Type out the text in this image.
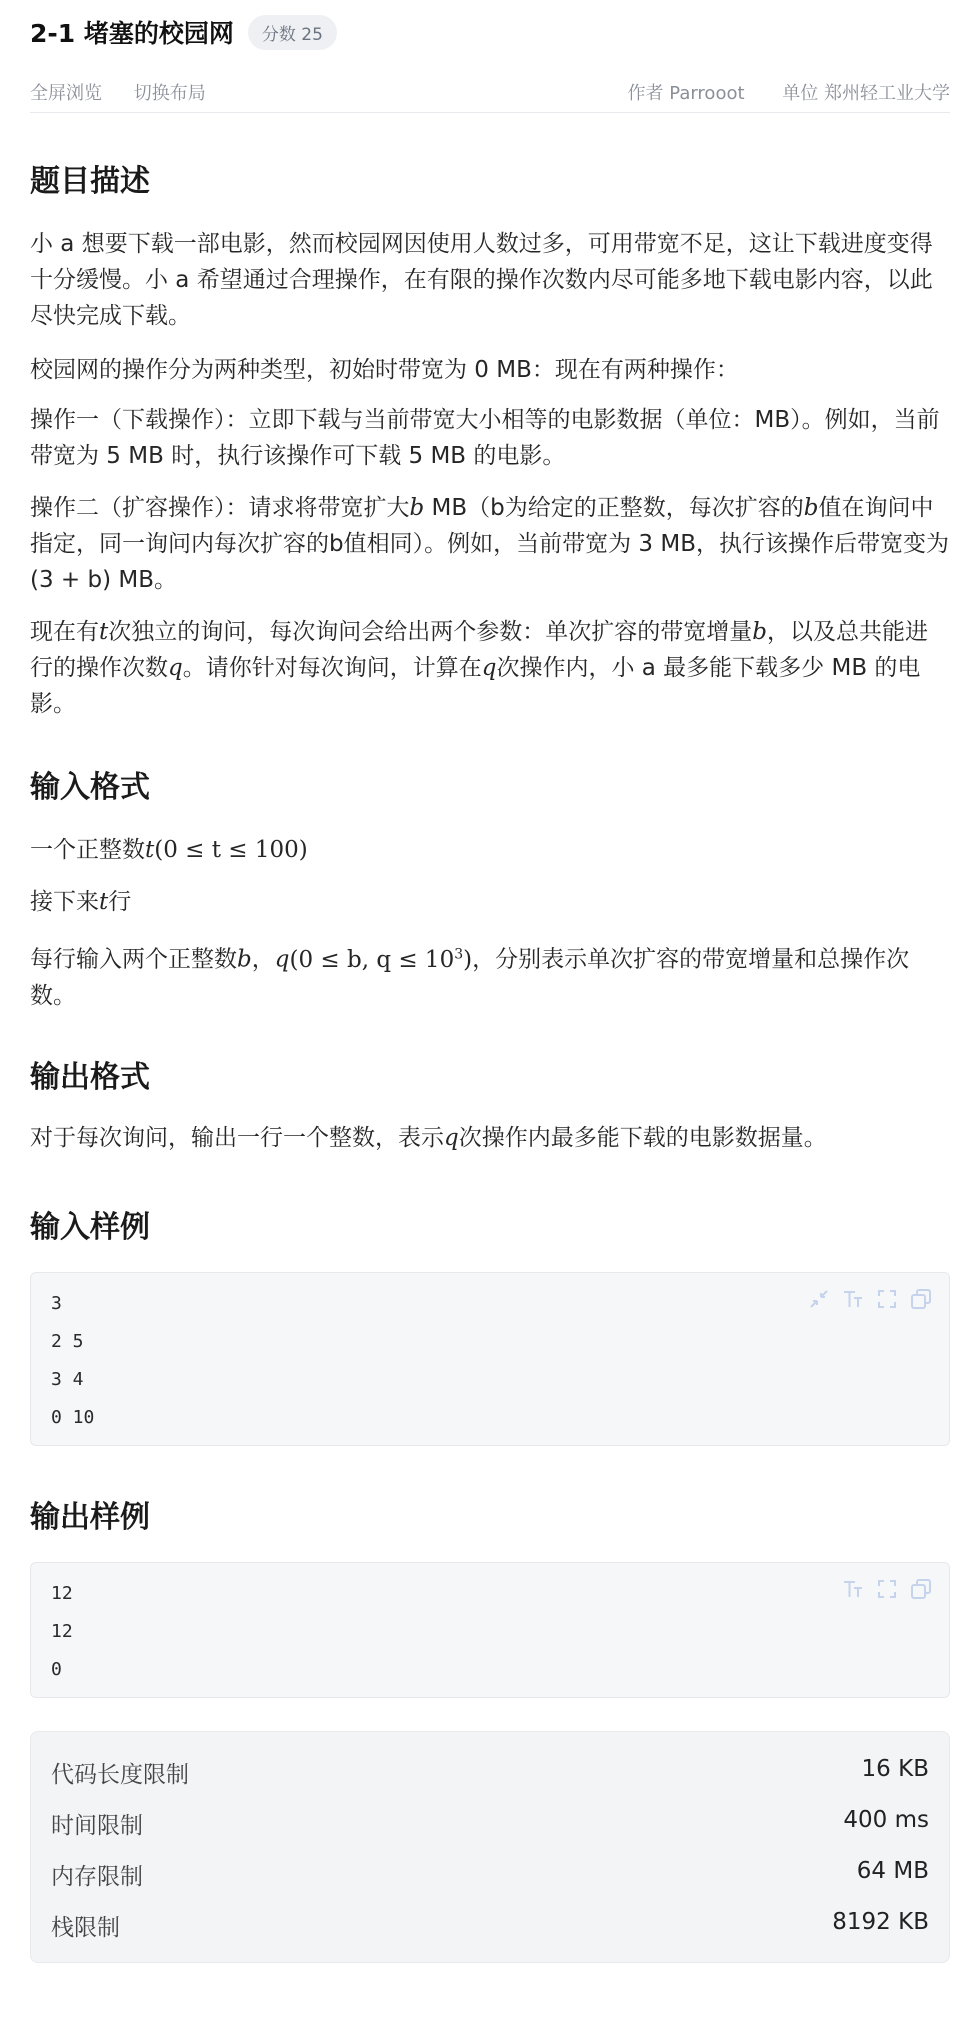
2-1 堵塞的校园网	分数 25
全屏浏览 切换布局	作者 Parrooot 单位 郑州轻工业大学
题目描述
小 a 想要下载一部电影，然而校园网因使用人数过多，可用带宽不足，这让下载进度变得十分缓慢。小 a 希望通过合理操作，在有限的操作次数内尽可能多地下载电影内容，以此尽快完成下载。
校园网的操作分为两种类型，初始时带宽为 0 MB：现在有两种操作：
操作一（下载操作）：立即下载与当前带宽大小相等的电影数据（单位：MB）。例如，当前带宽为 5 MB 时，执行该操作可下载 5 MB 的电影。
操作二（扩容操作）：请求将带宽扩大b MB（b为给定的正整数，每次扩容的b值在询问中指定，同一询问内每次扩容的b值相同）。例如，当前带宽为 3 MB，执行该操作后带宽变为(3 + b) MB。
现在有t次独立的询问，每次询问会给出两个参数：单次扩容的带宽增量b，以及总共能进行的操作次数q。请你针对每次询问，计算在q次操作内，小 a 最多能下载多少 MB 的电影。
输入格式
一个正整数t(0 ≤ t ≤ 100)
接下来t行
每行输入两个正整数b，q(0 ≤ b, $q \le 10^3$)，分别表示单次扩容的带宽增量和总操作次数。
输出格式
对于每次询问，输出一行一个整数，表示q次操作内最多能下载的电影数据量。
输入样例
3
2 5
3 4
0 10
输出样例
12
12
0
代码长度限制	16 KB
时间限制	400 ms
内存限制	64 MB
栈限制	8192 KB
